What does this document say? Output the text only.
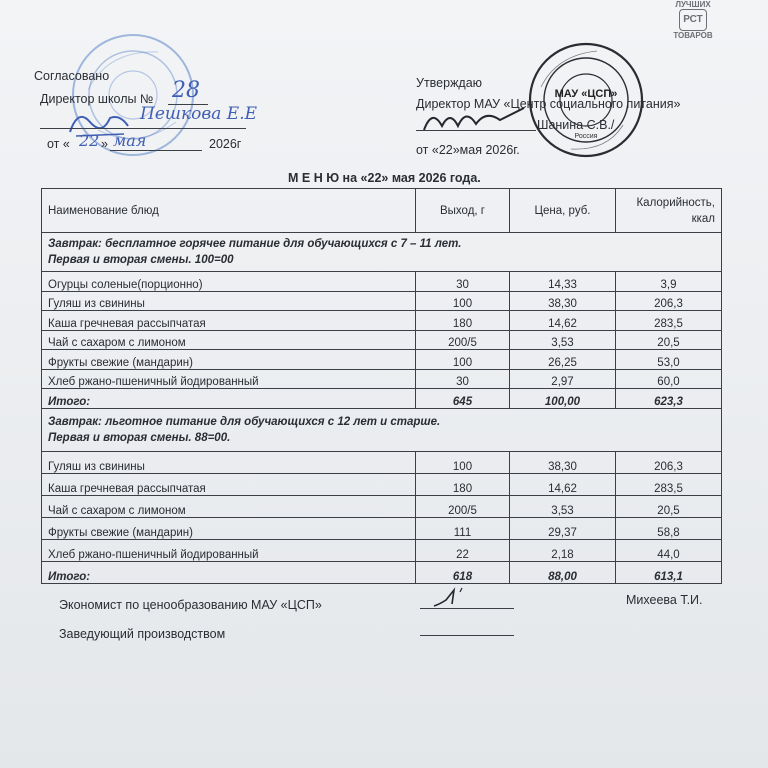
ЛУЧШИХ
РСТ
ТОВАРОВ
МАУ «ЦСП»
Россия
Согласовано
Директор школы № 28
Пешкова Е.Е
от « 22 » мая	2026г
Утверждаю
Директор МАУ «Центр социального питания»
Шанина С.В./
от «22»мая 2026г.
М Е Н Ю на «22» мая 2026 года.
Наименование блюд	Выход, г	Цена, руб.	Калорийность, ккал

Завтрак: бесплатное горячее питание для обучающихся с 7 – 11 лет.
Первая и вторая смены. 100=00			

Огурцы соленые(порционно)	30	14,33	3,9
Гуляш из свинины	100	38,30	206,3
Каша гречневая рассыпчатая	180	14,62	283,5
Чай с сахаром с лимоном	200/5	3,53	20,5
Фрукты свежие (мандарин)	100	26,25	53,0
Хлеб ржано-пшеничный йодированный	30	2,97	60,0
Итого:	645	100,00	623,3

Завтрак: льготное питание для обучающихся с 12 лет и старше.
Первая и вторая смены. 88=00.			

Гуляш из свинины	100	38,30	206,3
Каша гречневая рассыпчатая	180	14,62	283,5
Чай с сахаром с лимоном	200/5	3,53	20,5
Фрукты свежие (мандарин)	111	29,37	58,8
Хлеб ржано-пшеничный йодированный	22	2,18	44,0
Итого:	618	88,00	613,1
Экономист по ценообразованию МАУ «ЦСП»	Михеева Т.И.
Заведующий производством
